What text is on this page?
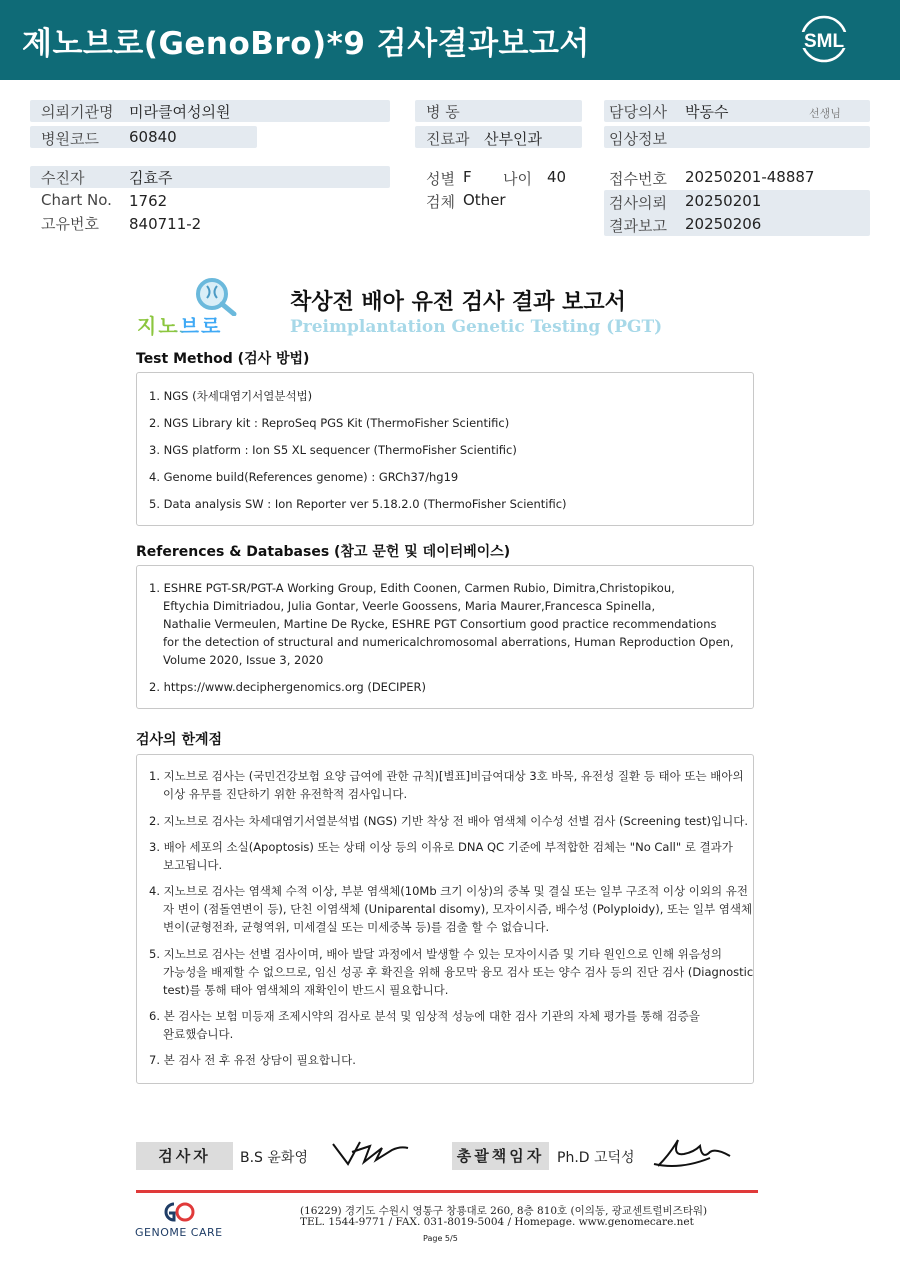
제노브로(GenoBro)*9 검사결과보고서	SML
의뢰기관명 미라클여성의원
병원코드 60840
병 동
진료과 산부인과
담당의사 박동수	선생님
임상정보
수진자	김효주
Chart No. 1762
고유번호 840711-2
성별 F 나이 40
검체 Other
접수번호 20250201-48887
검사의뢰 20250201
결과보고 20250206
지노브로
착상전 배아 유전 검사 결과 보고서
Preimplantation Genetic Testing (PGT)
Test Method (검사 방법)
1. NGS (차세대염기서열분석법)
2. NGS Library kit : ReproSeq PGS Kit (ThermoFisher Scientific)
3. NGS platform : Ion S5 XL sequencer (ThermoFisher Scientific)
4. Genome build(References genome) : GRCh37/hg19
5. Data analysis SW : Ion Reporter ver 5.18.2.0 (ThermoFisher Scientific)
References & Databases (참고 문헌 및 데이터베이스)
1. ESHRE PGT-SR/PGT-A Working Group, Edith Coonen, Carmen Rubio, Dimitra,Christopikou,
Eftychia Dimitriadou, Julia Gontar, Veerle Goossens, Maria Maurer,Francesca Spinella,
Nathalie Vermeulen, Martine De Rycke, ESHRE PGT Consortium good practice recommendations
for the detection of structural and numericalchromosomal aberrations, Human Reproduction Open,
Volume 2020, Issue 3, 2020
2. https://www.deciphergenomics.org (DECIPER)
검사의 한계점
1. 지노브로 검사는 (국민건강보험 요양 급여에 관한 규칙)[별표]비급여대상 3호 바목, 유전성 질환 등 태아 또는 배아의
이상 유무를 진단하기 위한 유전학적 검사입니다.
2. 지노브로 검사는 차세대염기서열분석법 (NGS) 기반 착상 전 배아 염색체 이수성 선별 검사 (Screening test)입니다.
3. 배아 세포의 소실(Apoptosis) 또는 상태 이상 등의 이유로 DNA QC 기준에 부적합한 검체는 "No Call" 로 결과가
보고됩니다.
4. 지노브로 검사는 염색체 수적 이상, 부분 염색체(10Mb 크기 이상)의 중복 및 결실 또는 일부 구조적 이상 이외의 유전
자 변이 (점돌연변이 등), 단친 이염색체 (Uniparental disomy), 모자이시즘, 배수성 (Polyploidy), 또는 일부 염색체
변이(균형전좌, 균형역위, 미세결실 또는 미세중복 등)를 검출 할 수 없습니다.
5. 지노브로 검사는 선별 검사이며, 배아 발달 과정에서 발생할 수 있는 모자이시즘 및 기타 원인으로 인해 위음성의
가능성을 배제할 수 없으므로, 임신 성공 후 확진을 위해 융모막 융모 검사 또는 양수 검사 등의 진단 검사 (Diagnostic
test)를 통해 태아 염색체의 재확인이 반드시 필요합니다.
6. 본 검사는 보험 미등재 조제시약의 검사로 분석 및 임상적 성능에 대한 검사 기관의 자체 평가를 통해 검증을
완료했습니다.
7. 본 검사 전 후 유전 상담이 필요합니다.
검사자	B.S 윤화영	총괄책임자 Ph.D 고덕성
GENOME CARE
(16229) 경기도 수원시 영통구 창룡대로 260, 8층 810호 (이의동, 광교센트럴비즈타워)
TEL. 1544-9771 / FAX. 031-8019-5004 / Homepage. www.genomecare.net
Page 5/5
